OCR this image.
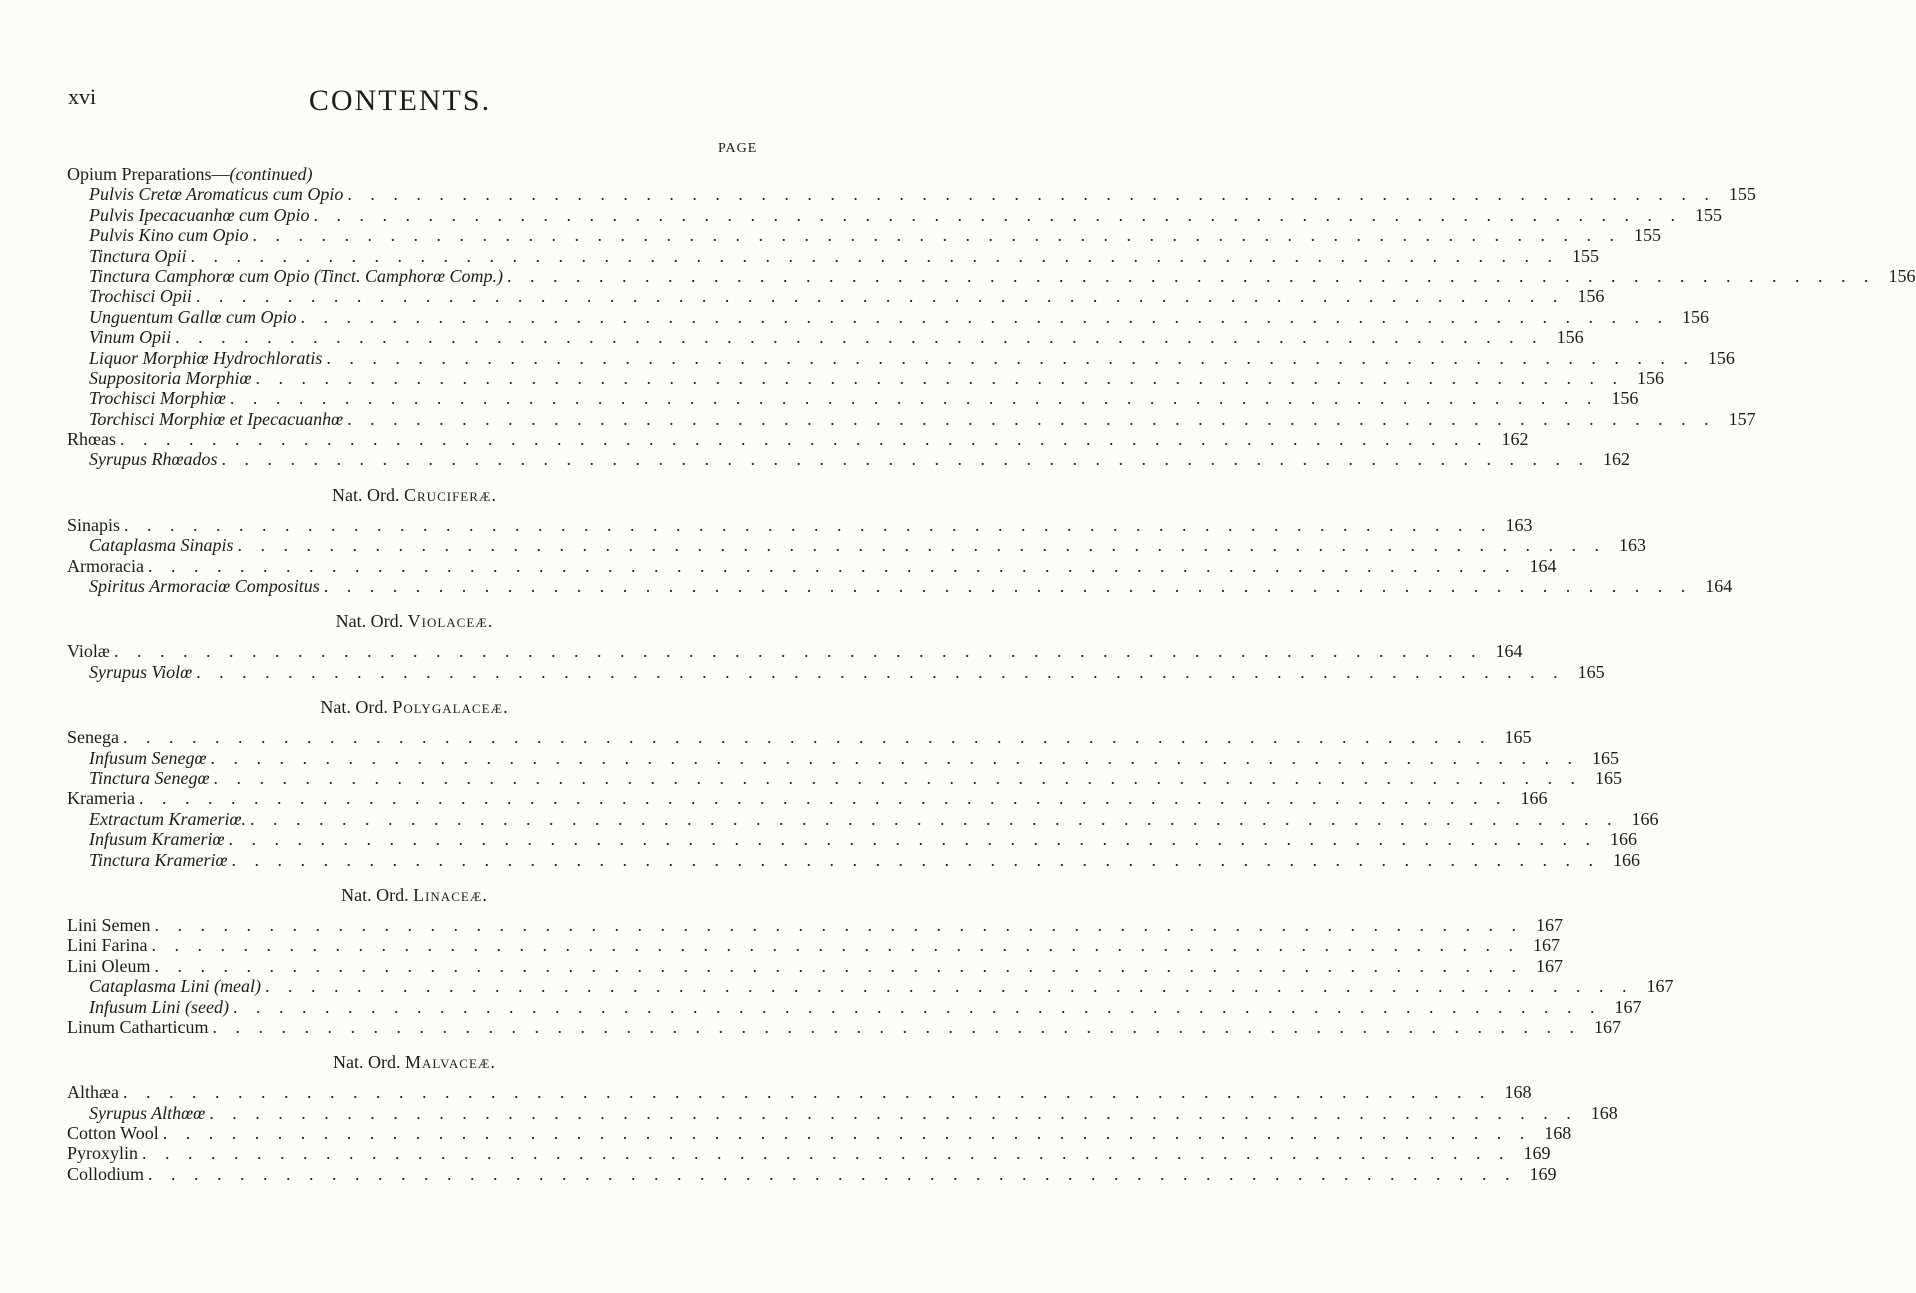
xvi	CONTENTS.
PAGE
Opium Preparations—(continued)
Pulvis Cretœ Aromaticus cum Opio . . . . . . . . . . . . . . . . . . . . . . . . . . . . . . . . . . . . . . . . . . . . . . . . . . . . . . . . . . . . 155
Pulvis Ipecacuanhœ cum Opio . . . . . . . . . . . . . . . . . . . . . . . . . . . . . . . . . . . . . . . . . . . . . . . . . . . . . . . . . . . . 155
Pulvis Kino cum Opio . . . . . . . . . . . . . . . . . . . . . . . . . . . . . . . . . . . . . . . . . . . . . . . . . . . . . . . . . . . . 155
Tinctura Opii . . . . . . . . . . . . . . . . . . . . . . . . . . . . . . . . . . . . . . . . . . . . . . . . . . . . . . . . . . . . 155
Tinctura Camphorœ cum Opio (Tinct. Camphorœ Comp.) . . . . . . . . . . . . . . . . . . . . . . . . . . . . . . . . . . . . . . . . . . . . . . . . . . . . . . . . . . . . 156
Trochisci Opii . . . . . . . . . . . . . . . . . . . . . . . . . . . . . . . . . . . . . . . . . . . . . . . . . . . . . . . . . . . . 156
Unguentum Gallœ cum Opio . . . . . . . . . . . . . . . . . . . . . . . . . . . . . . . . . . . . . . . . . . . . . . . . . . . . . . . . . . . . 156
Vinum Opii . . . . . . . . . . . . . . . . . . . . . . . . . . . . . . . . . . . . . . . . . . . . . . . . . . . . . . . . . . . . 156
Liquor Morphiœ Hydrochloratis . . . . . . . . . . . . . . . . . . . . . . . . . . . . . . . . . . . . . . . . . . . . . . . . . . . . . . . . . . . . 156
Suppositoria Morphiœ . . . . . . . . . . . . . . . . . . . . . . . . . . . . . . . . . . . . . . . . . . . . . . . . . . . . . . . . . . . . 156
Trochisci Morphiœ . . . . . . . . . . . . . . . . . . . . . . . . . . . . . . . . . . . . . . . . . . . . . . . . . . . . . . . . . . . . 156
Torchisci Morphiœ et Ipecacuanhœ . . . . . . . . . . . . . . . . . . . . . . . . . . . . . . . . . . . . . . . . . . . . . . . . . . . . . . . . . . . . 157
Rhœas . . . . . . . . . . . . . . . . . . . . . . . . . . . . . . . . . . . . . . . . . . . . . . . . . . . . . . . . . . . . 162
Syrupus Rhœados . . . . . . . . . . . . . . . . . . . . . . . . . . . . . . . . . . . . . . . . . . . . . . . . . . . . . . . . . . . . 162
Nat. Ord. Cruciferæ.
Sinapis . . . . . . . . . . . . . . . . . . . . . . . . . . . . . . . . . . . . . . . . . . . . . . . . . . . . . . . . . . . . 163
Cataplasma Sinapis . . . . . . . . . . . . . . . . . . . . . . . . . . . . . . . . . . . . . . . . . . . . . . . . . . . . . . . . . . . . 163
Armoracia . . . . . . . . . . . . . . . . . . . . . . . . . . . . . . . . . . . . . . . . . . . . . . . . . . . . . . . . . . . . 164
Spiritus Armoraciœ Compositus . . . . . . . . . . . . . . . . . . . . . . . . . . . . . . . . . . . . . . . . . . . . . . . . . . . . . . . . . . . . 164
Nat. Ord. Violaceæ.
Violæ . . . . . . . . . . . . . . . . . . . . . . . . . . . . . . . . . . . . . . . . . . . . . . . . . . . . . . . . . . . . 164
Syrupus Violœ . . . . . . . . . . . . . . . . . . . . . . . . . . . . . . . . . . . . . . . . . . . . . . . . . . . . . . . . . . . . 165
Nat. Ord. Polygalaceæ.
Senega . . . . . . . . . . . . . . . . . . . . . . . . . . . . . . . . . . . . . . . . . . . . . . . . . . . . . . . . . . . . 165
Infusum Senegœ . . . . . . . . . . . . . . . . . . . . . . . . . . . . . . . . . . . . . . . . . . . . . . . . . . . . . . . . . . . . 165
Tinctura Senegœ . . . . . . . . . . . . . . . . . . . . . . . . . . . . . . . . . . . . . . . . . . . . . . . . . . . . . . . . . . . . 165
Krameria . . . . . . . . . . . . . . . . . . . . . . . . . . . . . . . . . . . . . . . . . . . . . . . . . . . . . . . . . . . . 166
Extractum Krameriœ. . . . . . . . . . . . . . . . . . . . . . . . . . . . . . . . . . . . . . . . . . . . . . . . . . . . . . . . . . . . . 166
Infusum Krameriœ . . . . . . . . . . . . . . . . . . . . . . . . . . . . . . . . . . . . . . . . . . . . . . . . . . . . . . . . . . . . 166
Tinctura Krameriœ . . . . . . . . . . . . . . . . . . . . . . . . . . . . . . . . . . . . . . . . . . . . . . . . . . . . . . . . . . . . 166
Nat. Ord. Linaceæ.
Lini Semen . . . . . . . . . . . . . . . . . . . . . . . . . . . . . . . . . . . . . . . . . . . . . . . . . . . . . . . . . . . . 167
Lini Farina . . . . . . . . . . . . . . . . . . . . . . . . . . . . . . . . . . . . . . . . . . . . . . . . . . . . . . . . . . . . 167
Lini Oleum . . . . . . . . . . . . . . . . . . . . . . . . . . . . . . . . . . . . . . . . . . . . . . . . . . . . . . . . . . . . 167
Cataplasma Lini (meal) . . . . . . . . . . . . . . . . . . . . . . . . . . . . . . . . . . . . . . . . . . . . . . . . . . . . . . . . . . . . 167
Infusum Lini (seed) . . . . . . . . . . . . . . . . . . . . . . . . . . . . . . . . . . . . . . . . . . . . . . . . . . . . . . . . . . . . 167
Linum Catharticum . . . . . . . . . . . . . . . . . . . . . . . . . . . . . . . . . . . . . . . . . . . . . . . . . . . . . . . . . . . . 167
Nat. Ord. Malvaceæ.
Althæa . . . . . . . . . . . . . . . . . . . . . . . . . . . . . . . . . . . . . . . . . . . . . . . . . . . . . . . . . . . . 168
Syrupus Althœœ . . . . . . . . . . . . . . . . . . . . . . . . . . . . . . . . . . . . . . . . . . . . . . . . . . . . . . . . . . . . 168
Cotton Wool . . . . . . . . . . . . . . . . . . . . . . . . . . . . . . . . . . . . . . . . . . . . . . . . . . . . . . . . . . . . 168
Pyroxylin . . . . . . . . . . . . . . . . . . . . . . . . . . . . . . . . . . . . . . . . . . . . . . . . . . . . . . . . . . . . 169
Collodium . . . . . . . . . . . . . . . . . . . . . . . . . . . . . . . . . . . . . . . . . . . . . . . . . . . . . . . . . . . . 169
